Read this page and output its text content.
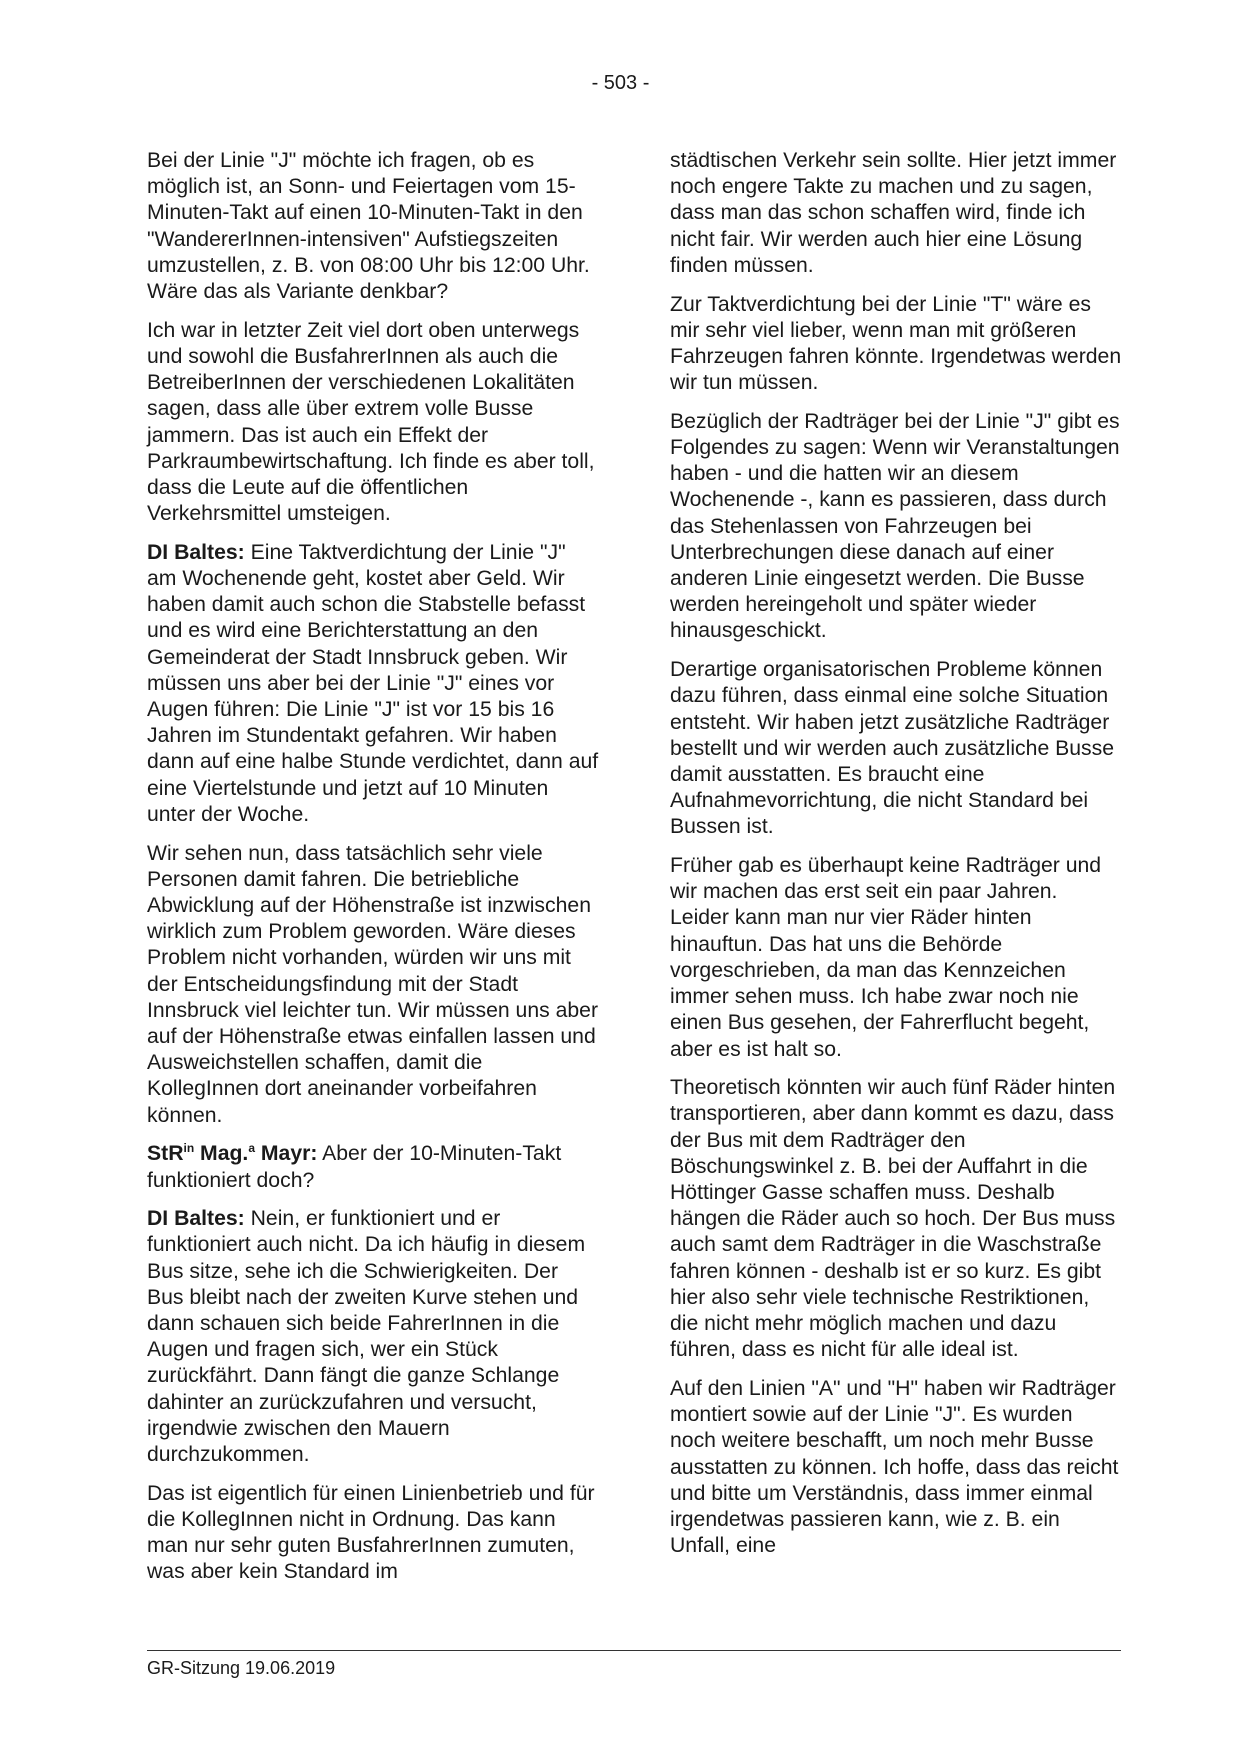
- 503 -

Bei der Linie "J" möchte ich fragen, ob es möglich ist, an Sonn- und Feiertagen vom 15-Minuten-Takt auf einen 10-Minuten-Takt in den "WandererInnen-intensiven" Aufstiegszeiten umzustellen, z. B. von 08:00 Uhr bis 12:00 Uhr. Wäre das als Variante denkbar?

Ich war in letzter Zeit viel dort oben unterwegs und sowohl die BusfahrerInnen als auch die BetreiberInnen der verschiedenen Lokalitäten sagen, dass alle über extrem volle Busse jammern. Das ist auch ein Effekt der Parkraumbewirtschaftung. Ich finde es aber toll, dass die Leute auf die öffentlichen Verkehrsmittel umsteigen.

DI Baltes: Eine Taktverdichtung der Linie "J" am Wochenende geht, kostet aber Geld. Wir haben damit auch schon die Stabstelle befasst und es wird eine Berichterstattung an den Gemeinderat der Stadt Innsbruck geben. Wir müssen uns aber bei der Linie "J" eines vor Augen führen: Die Linie "J" ist vor 15 bis 16 Jahren im Stundentakt gefahren. Wir haben dann auf eine halbe Stunde verdichtet, dann auf eine Viertelstunde und jetzt auf 10 Minuten unter der Woche.

Wir sehen nun, dass tatsächlich sehr viele Personen damit fahren. Die betriebliche Abwicklung auf der Höhenstraße ist inzwischen wirklich zum Problem geworden. Wäre dieses Problem nicht vorhanden, würden wir uns mit der Entscheidungsfindung mit der Stadt Innsbruck viel leichter tun. Wir müssen uns aber auf der Höhenstraße etwas einfallen lassen und Ausweichstellen schaffen, damit die KollegInnen dort aneinander vorbeifahren können.

StR$^{in}$ Mag.$^a$ Mayr: Aber der 10-Minuten-Takt funktioniert doch?

DI Baltes: Nein, er funktioniert und er funktioniert auch nicht. Da ich häufig in diesem Bus sitze, sehe ich die Schwierigkeiten. Der Bus bleibt nach der zweiten Kurve stehen und dann schauen sich beide FahrerInnen in die Augen und fragen sich, wer ein Stück zurückfährt. Dann fängt die ganze Schlange dahinter an zurückzufahren und versucht, irgendwie zwischen den Mauern durchzukommen.

Das ist eigentlich für einen Linienbetrieb und für die KollegInnen nicht in Ordnung. Das kann man nur sehr guten BusfahrerInnen zumuten, was aber kein Standard im

städtischen Verkehr sein sollte. Hier jetzt immer noch engere Takte zu machen und zu sagen, dass man das schon schaffen wird, finde ich nicht fair. Wir werden auch hier eine Lösung finden müssen.

Zur Taktverdichtung bei der Linie "T" wäre es mir sehr viel lieber, wenn man mit größeren Fahrzeugen fahren könnte. Irgendetwas werden wir tun müssen.

Bezüglich der Radträger bei der Linie "J" gibt es Folgendes zu sagen: Wenn wir Veranstaltungen haben - und die hatten wir an diesem Wochenende -, kann es passieren, dass durch das Stehenlassen von Fahrzeugen bei Unterbrechungen diese danach auf einer anderen Linie eingesetzt werden. Die Busse werden hereingeholt und später wieder hinausgeschickt.

Derartige organisatorischen Probleme können dazu führen, dass einmal eine solche Situation entsteht. Wir haben jetzt zusätzliche Radträger bestellt und wir werden auch zusätzliche Busse damit ausstatten. Es braucht eine Aufnahmevorrichtung, die nicht Standard bei Bussen ist.

Früher gab es überhaupt keine Radträger und wir machen das erst seit ein paar Jahren. Leider kann man nur vier Räder hinten hinauftun. Das hat uns die Behörde vorgeschrieben, da man das Kennzeichen immer sehen muss. Ich habe zwar noch nie einen Bus gesehen, der Fahrerflucht begeht, aber es ist halt so.

Theoretisch könnten wir auch fünf Räder hinten transportieren, aber dann kommt es dazu, dass der Bus mit dem Radträger den Böschungswinkel z. B. bei der Auffahrt in die Höttinger Gasse schaffen muss. Deshalb hängen die Räder auch so hoch. Der Bus muss auch samt dem Radträger in die Waschstraße fahren können - deshalb ist er so kurz. Es gibt hier also sehr viele technische Restriktionen, die nicht mehr möglich machen und dazu führen, dass es nicht für alle ideal ist.

Auf den Linien "A" und "H" haben wir Radträger montiert sowie auf der Linie "J". Es wurden noch weitere beschafft, um noch mehr Busse ausstatten zu können. Ich hoffe, dass das reicht und bitte um Verständnis, dass immer einmal irgendetwas passieren kann, wie z. B. ein Unfall, eine

GR-Sitzung 19.06.2019
